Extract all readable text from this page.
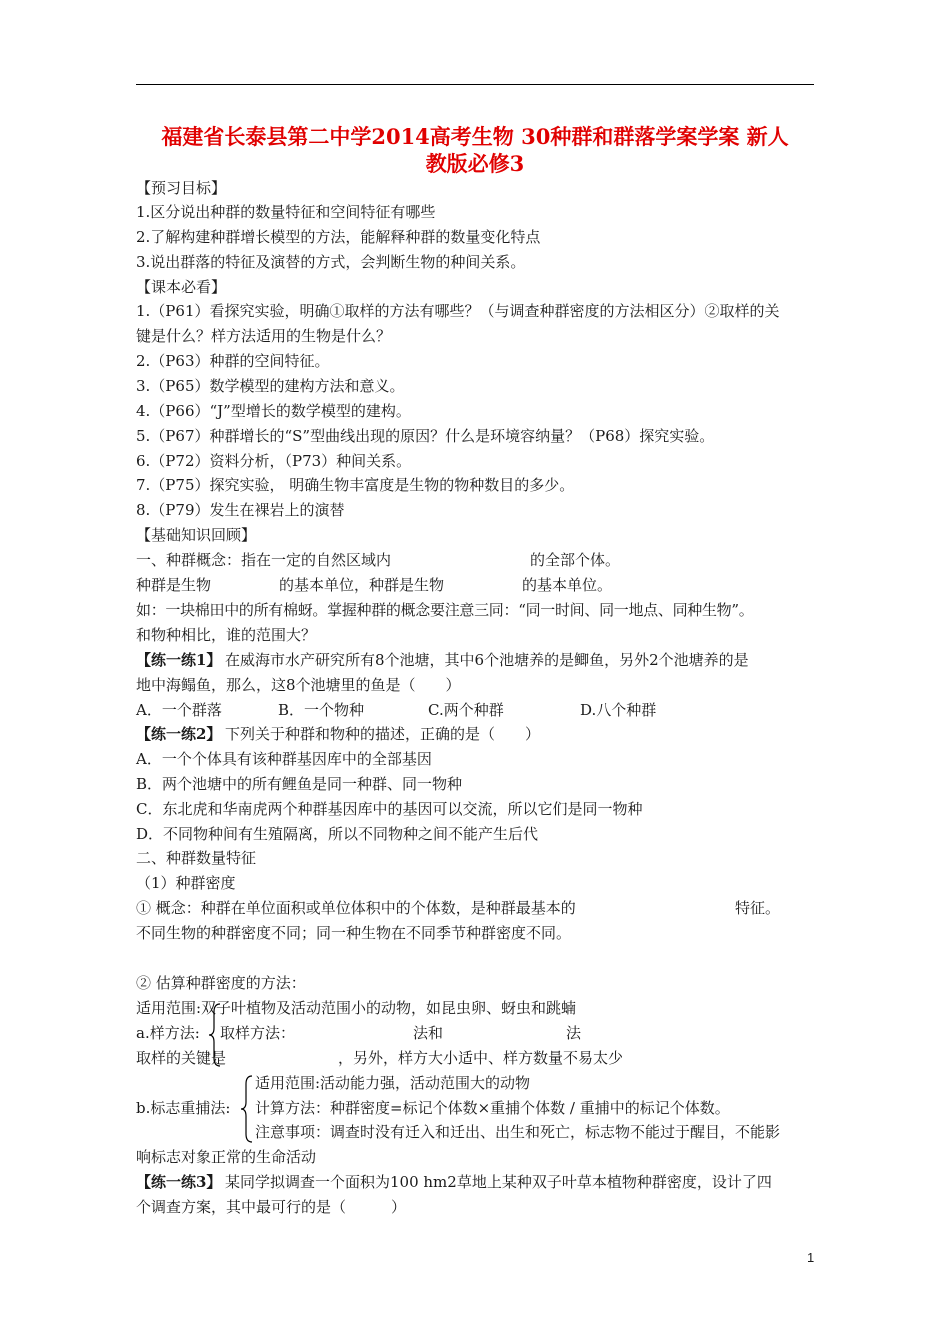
福建省长泰县第二中学2014高考生物 30种群和群落学案学案 新人
教版必修3
【预习目标】
1.区分说出种群的数量特征和空间特征有哪些
2.了解构建种群增长模型的方法，能解释种群的数量变化特点
3.说出群落的特征及演替的方式，会判断生物的种间关系。
【课本必看】
1.（P61）看探究实验，明确①取样的方法有哪些？（与调查种群密度的方法相区分）②取样的关
键是什么？样方法适用的生物是什么？
2.（P63）种群的空间特征。
3.（P65）数学模型的建构方法和意义。
4.（P66）“J”型增长的数学模型的建构。
5.（P67）种群增长的“S”型曲线出现的原因？什么是环境容纳量？（P68）探究实验。
6.（P72）资料分析，（P73）种间关系。
7.（P75）探究实验， 明确生物丰富度是生物的物种数目的多少。
8.（P79）发生在裸岩上的演替
【基础知识回顾】
一、种群概念：指在一定的自然区域内	的全部个体。
种群是生物	的基本单位，种群是生物	的基本单位。
如：一块棉田中的所有棉蚜。掌握种群的概念要注意三同：“同一时间、同一地点、同种生物”。
和物种相比，谁的范围大？
【练一练1】 在威海市水产研究所有8个池塘，其中6个池塘养的是鲫鱼，另外2个池塘养的是
地中海鳎鱼，那么，这8个池塘里的鱼是（　　）
A．一个群落	B．一个物种	C.两个种群	D.八个种群
【练一练2】 下列关于种群和物种的描述，正确的是（　　）
A．一个个体具有该种群基因库中的全部基因
B．两个池塘中的所有鲤鱼是同一种群、同一物种
C．东北虎和华南虎两个种群基因库中的基因可以交流，所以它们是同一物种
D．不同物种间有生殖隔离，所以不同物种之间不能产生后代
二、种群数量特征
（1）种群密度
① 概念：种群在单位面积或单位体积中的个体数，是种群最基本的	特征。
不同生物的种群密度不同；同一种生物在不同季节种群密度不同。
② 估算种群密度的方法：
适用范围:双子叶植物及活动范围小的动物，如昆虫卵、蚜虫和跳蝻
a.样方法: 取样方法：	法和	法
取样的关键是	，另外，样方大小适中、样方数量不易太少
适用范围:活动能力强，活动范围大的动物
b.标志重捕法: 计算方法：种群密度=标记个体数×重捕个体数 / 重捕中的标记个体数。
注意事项：调查时没有迁入和迁出、出生和死亡，标志物不能过于醒目，不能影
响标志对象正常的生命活动
【练一练3】 某同学拟调查一个面积为100 hm2草地上某种双子叶草本植物种群密度，设计了四
个调查方案，其中最可行的是（　　　）
1
